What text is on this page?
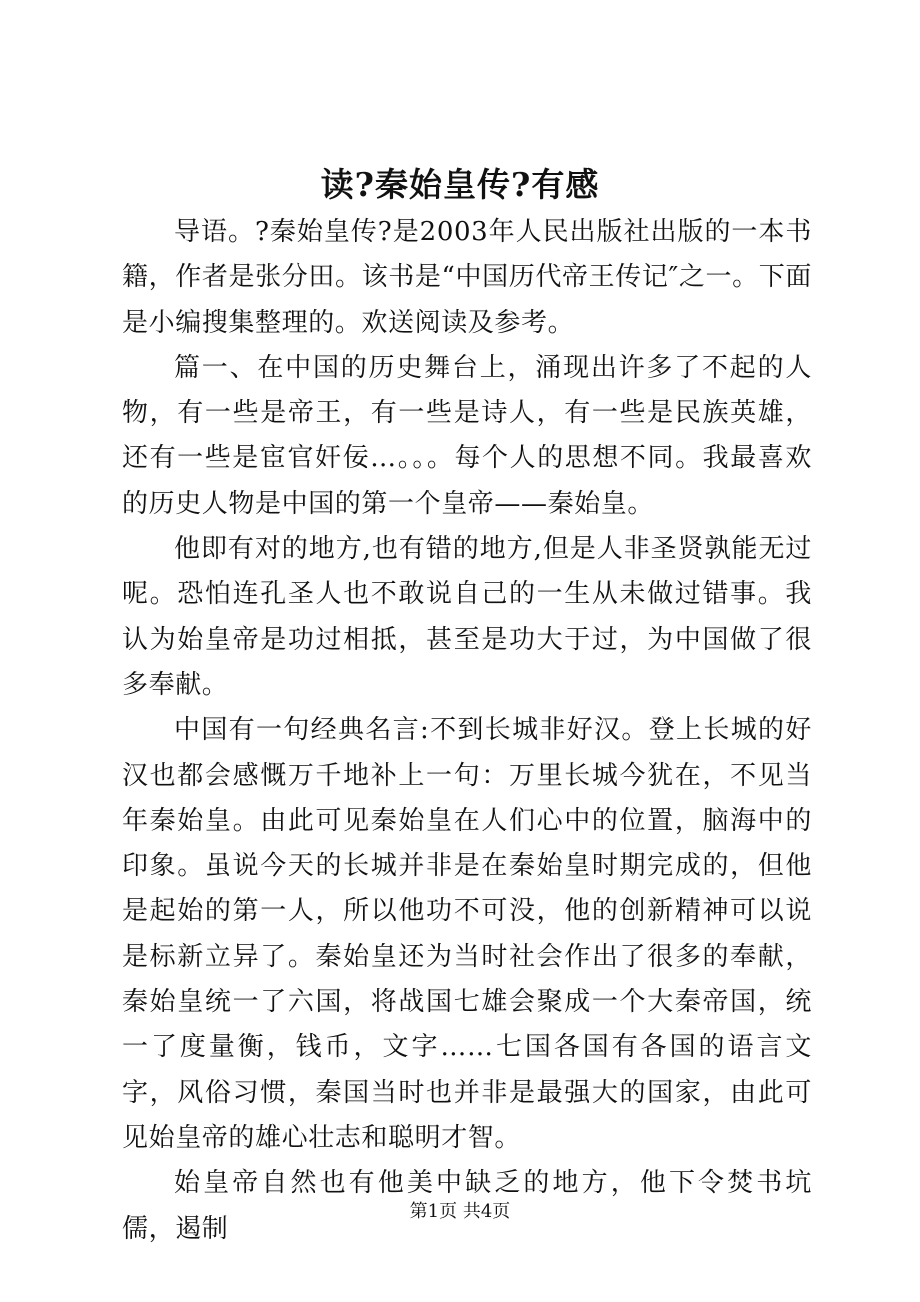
读?秦始皇传?有感

导语。?秦始皇传?是2003年人民出版社出版的一本书籍，作者是张分田。该书是“中国历代帝王传记″之一。下面是小编搜集整理的。欢送阅读及参考。

篇一、在中国的历史舞台上，涌现出许多了不起的人物，有一些是帝王，有一些是诗人，有一些是民族英雄，还有一些是宦官奸佞…。。。每个人的思想不同。我最喜欢的历史人物是中国的第一个皇帝——秦始皇。

他即有对的地方,也有错的地方,但是人非圣贤孰能无过呢。恐怕连孔圣人也不敢说自己的一生从未做过错事。我认为始皇帝是功过相抵，甚至是功大于过，为中国做了很多奉献。

中国有一句经典名言:不到长城非好汉。登上长城的好汉也都会感慨万千地补上一句：万里长城今犹在，不见当年秦始皇。由此可见秦始皇在人们心中的位置，脑海中的印象。虽说今天的长城并非是在秦始皇时期完成的，但他是起始的第一人，所以他功不可没，他的创新精神可以说是标新立异了。秦始皇还为当时社会作出了很多的奉献，秦始皇统一了六国，将战国七雄会聚成一个大秦帝国，统一了度量衡，钱币，文字……七国各国有各国的语言文字，风俗习惯，秦国当时也并非是最强大的国家，由此可见始皇帝的雄心壮志和聪明才智。

始皇帝自然也有他美中缺乏的地方，他下令焚书坑儒，遏制

第1页 共4页
